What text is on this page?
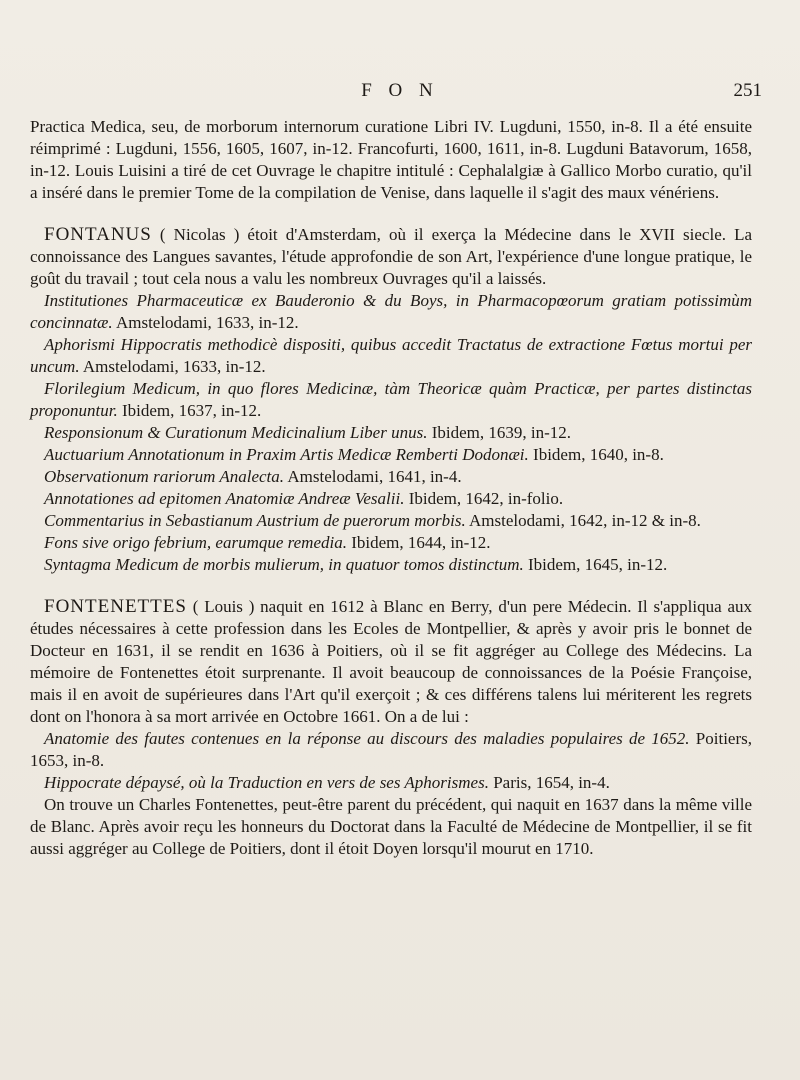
F O N	251

Practica Medica, seu, de morborum internorum curatione Libri IV. Lugduni, 1550, in-8. Il a été ensuite réimprimé : Lugduni, 1556, 1605, 1607, in-12. Francofurti, 1600, 1611, in-8. Lugduni Batavorum, 1658, in-12. Louis Luisini a tiré de cet Ouvrage le chapitre intitulé : Cephalalgiæ à Gallico Morbo curatio, qu'il a inséré dans le premier Tome de la compilation de Venise, dans laquelle il s'agit des maux vénériens.

FONTANUS ( Nicolas ) étoit d'Amsterdam, où il exerça la Médecine dans le XVII siecle. La connoissance des Langues savantes, l'étude approfondie de son Art, l'expérience d'une longue pratique, le goût du travail ; tout cela nous a valu les nombreux Ouvrages qu'il a laissés.

Institutiones Pharmaceuticæ ex Bauderonio & du Boys, in Pharmacopœorum gratiam potissimùm concinnatæ. Amstelodami, 1633, in-12.

Aphorismi Hippocratis methodicè dispositi, quibus accedit Tractatus de extractione Fœtus mortui per uncum. Amstelodami, 1633, in-12.

Florilegium Medicum, in quo flores Medicinæ, tàm Theoricæ quàm Practicæ, per partes distinctas proponuntur. Ibidem, 1637, in-12.

Responsionum & Curationum Medicinalium Liber unus. Ibidem, 1639, in-12.

Auctuarium Annotationum in Praxim Artis Medicæ Remberti Dodonæi. Ibidem, 1640, in-8.

Observationum rariorum Analecta. Amstelodami, 1641, in-4.

Annotationes ad epitomen Anatomiæ Andreæ Vesalii. Ibidem, 1642, in-folio.

Commentarius in Sebastianum Austrium de puerorum morbis. Amstelodami, 1642, in-12 & in-8.

Fons sive origo febrium, earumque remedia. Ibidem, 1644, in-12.

Syntagma Medicum de morbis mulierum, in quatuor tomos distinctum. Ibidem, 1645, in-12.

FONTENETTES ( Louis ) naquit en 1612 à Blanc en Berry, d'un pere Médecin. Il s'appliqua aux études nécessaires à cette profession dans les Ecoles de Montpellier, & après y avoir pris le bonnet de Docteur en 1631, il se rendit en 1636 à Poitiers, où il se fit aggréger au College des Médecins. La mémoire de Fontenettes étoit surprenante. Il avoit beaucoup de connoissances de la Poésie Françoise, mais il en avoit de supérieures dans l'Art qu'il exerçoit ; & ces différens talens lui mériterent les regrets dont on l'honora à sa mort arrivée en Octobre 1661. On a de lui :

Anatomie des fautes contenues en la réponse au discours des maladies populaires de 1652. Poitiers, 1653, in-8.

Hippocrate dépaysé, où la Traduction en vers de ses Aphorismes. Paris, 1654, in-4.

On trouve un Charles Fontenettes, peut-être parent du précédent, qui naquit en 1637 dans la même ville de Blanc. Après avoir reçu les honneurs du Doctorat dans la Faculté de Médecine de Montpellier, il se fit aussi aggréger au College de Poitiers, dont il étoit Doyen lorsqu'il mourut en 1710.
